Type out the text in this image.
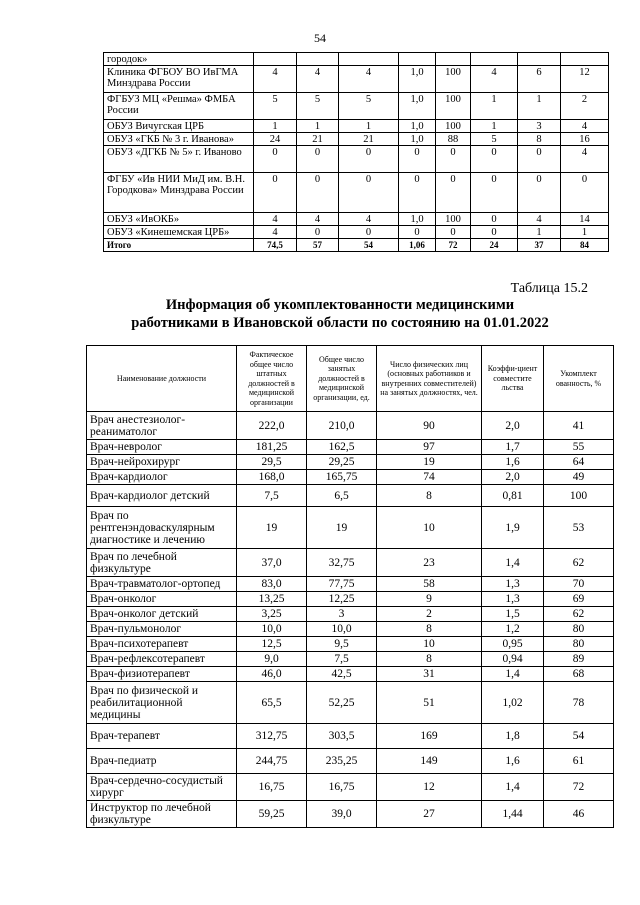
54
городок»								
Клиника ФГБОУ ВО ИвГМА Минздрава России	4	4	4	1,0	100	4	6	12
ФГБУЗ МЦ «Решма» ФМБА России	5	5	5	1,0	100	1	1	2
ОБУЗ Вичугская ЦРБ	1	1	1	1,0	100	1	3	4
ОБУЗ «ГКБ № 3 г. Иванова»	24	21	21	1,0	88	5	8	16
ОБУЗ «ДГКБ № 5» г. Иваново	0	0	0	0	0	0	0	4
ФГБУ «Ив НИИ МиД им. В.Н. Городкова» Минздрава России	0	0	0	0	0	0	0	0
ОБУЗ «ИвОКБ»	4	4	4	1,0	100	0	4	14
ОБУЗ «Кинешемская ЦРБ»	4	0	0	0	0	0	1	1
Итого	74,5	57	54	1,06	72	24	37	84
Таблица 15.2
Информация об укомплектованности медицинскими
работниками в Ивановской области по состоянию на 01.01.2022
Наименование должности	Фактическое общее число штатных должностей в медицинской организации	Общее число занятых должностей в медицинской организации, ед.	Число физических лиц (основных работников и внутренних совместителей) на занятых должностях, чел.	Коэффи-циент совместите льства	Укомплект ованность, %
Врач анестезиолог-реаниматолог	222,0	210,0	90	2,0	41
Врач-невролог	181,25	162,5	97	1,7	55
Врач-нейрохирург	29,5	29,25	19	1,6	64
Врач-кардиолог	168,0	165,75	74	2,0	49
Врач-кардиолог детский	7,5	6,5	8	0,81	100
Врач по рентгенэндоваскулярным диагностике и лечению	19	19	10	1,9	53
Врач по лечебной физкультуре	37,0	32,75	23	1,4	62
Врач-травматолог-ортопед	83,0	77,75	58	1,3	70
Врач-онколог	13,25	12,25	9	1,3	69
Врач-онколог детский	3,25	3	2	1,5	62
Врач-пульмонолог	10,0	10,0	8	1,2	80
Врач-психотерапевт	12,5	9,5	10	0,95	80
Врач-рефлексотерапевт	9,0	7,5	8	0,94	89
Врач-физиотерапевт	46,0	42,5	31	1,4	68
Врач по физической и реабилитационной медицины	65,5	52,25	51	1,02	78
Врач-терапевт	312,75	303,5	169	1,8	54
Врач-педиатр	244,75	235,25	149	1,6	61
Врач-сердечно-сосудистый хирург	16,75	16,75	12	1,4	72
Инструктор по лечебной физкультуре	59,25	39,0	27	1,44	46
